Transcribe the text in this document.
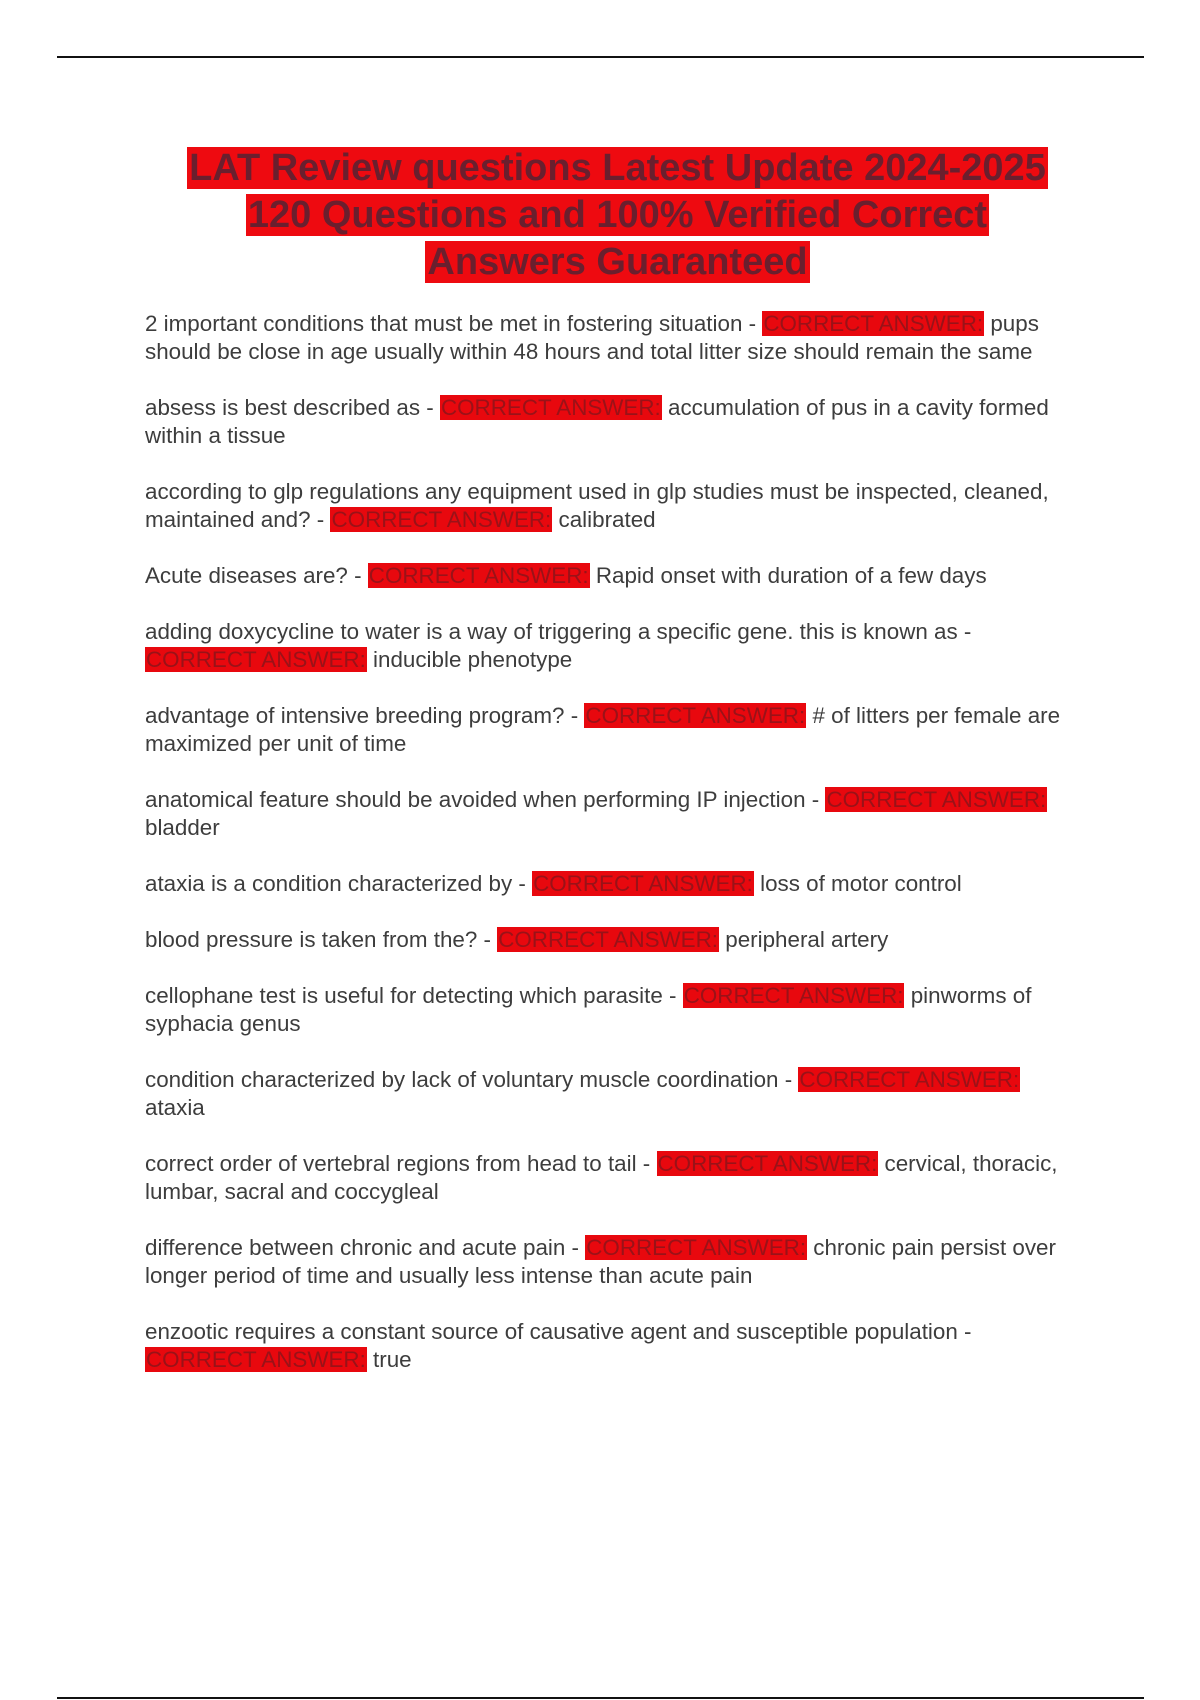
LAT Review questions Latest Update 2024-2025
120 Questions and 100% Verified Correct
Answers Guaranteed

2 important conditions that must be met in fostering situation - CORRECT ANSWER: pups should be close in age usually within 48 hours and total litter size should remain the same

absess is best described as - CORRECT ANSWER: accumulation of pus in a cavity formed within a tissue

according to glp regulations any equipment used in glp studies must be inspected, cleaned, maintained and? - CORRECT ANSWER: calibrated

Acute diseases are? - CORRECT ANSWER: Rapid onset with duration of a few days

adding doxycycline to water is a way of triggering a specific gene. this is known as - CORRECT ANSWER: inducible phenotype

advantage of intensive breeding program? - CORRECT ANSWER: # of litters per female are maximized per unit of time

anatomical feature should be avoided when performing IP injection - CORRECT ANSWER: bladder

ataxia is a condition characterized by - CORRECT ANSWER: loss of motor control

blood pressure is taken from the? - CORRECT ANSWER: peripheral artery

cellophane test is useful for detecting which parasite - CORRECT ANSWER: pinworms of syphacia genus

condition characterized by lack of voluntary muscle coordination - CORRECT ANSWER: ataxia

correct order of vertebral regions from head to tail - CORRECT ANSWER: cervical, thoracic, lumbar, sacral and coccygleal

difference between chronic and acute pain - CORRECT ANSWER: chronic pain persist over longer period of time and usually less intense than acute pain

enzootic requires a constant source of causative agent and susceptible population - CORRECT ANSWER: true
